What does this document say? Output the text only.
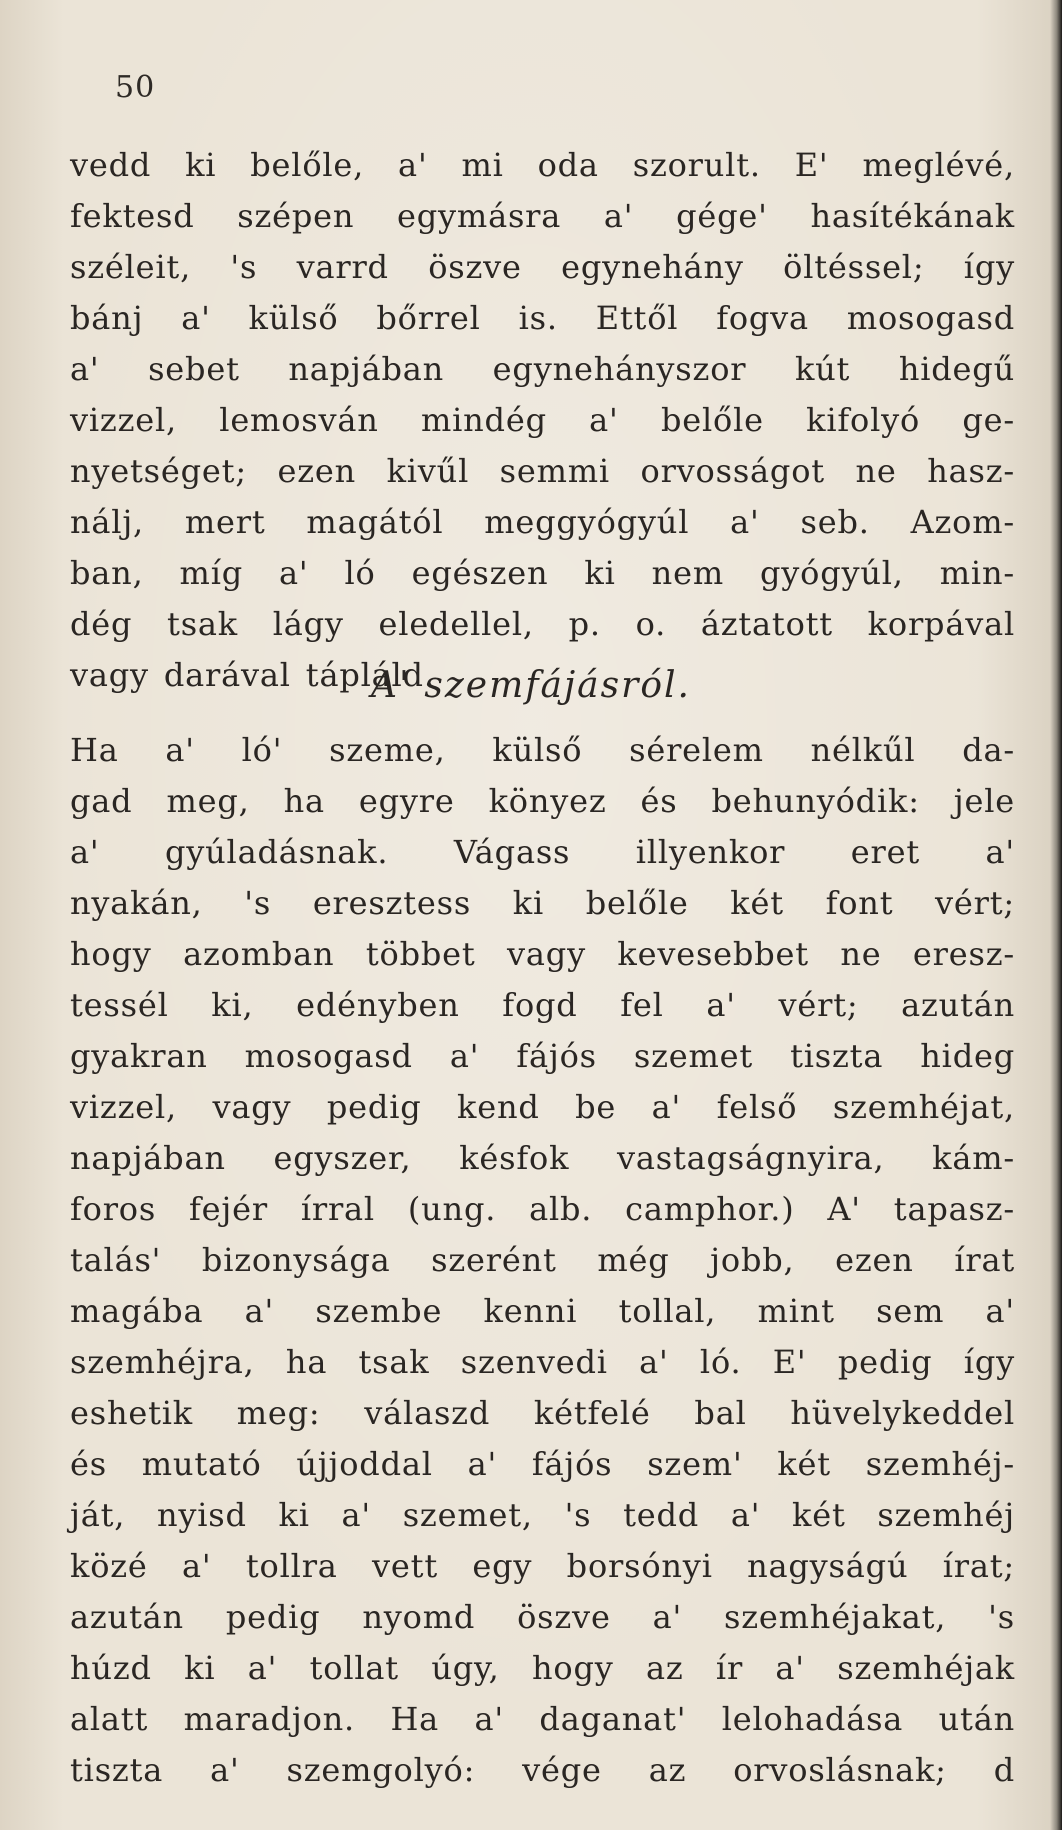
50
vedd ki belőle, a' mi oda szorult. E' meglévé,
fektesd szépen egymásra a' gége' hasítékának
széleit, 's varrd öszve egynehány öltéssel; így
bánj a' külső bőrrel is. Ettől fogva mosogasd
a' sebet napjában egynehányszor kút hidegű
vizzel, lemosván mindég a' belőle kifolyó ge-
nyetséget; ezen kivűl semmi orvosságot ne hasz-
nálj, mert magától meggyógyúl a' seb. Azom-
ban, míg a' ló egészen ki nem gyógyúl, min-
dég tsak lágy eledellel, p. o. áztatott korpával
vagy darával tápláld.
A' szemfájásról.
Ha a' ló' szeme, külső sérelem nélkűl da-
gad meg, ha egyre könyez és behunyódik: jele
a' gyúladásnak. Vágass illyenkor eret a'
nyakán, 's eresztess ki belőle két font vért;
hogy azomban többet vagy kevesebbet ne eresz-
tessél ki, edényben fogd fel a' vért; azután
gyakran mosogasd a' fájós szemet tiszta hideg
vizzel, vagy pedig kend be a' felső szemhéjat,
napjában egyszer, késfok vastagságnyira, kám-
foros fejér írral (ung. alb. camphor.) A' tapasz-
talás' bizonysága szerént még jobb, ezen írat
magába a' szembe kenni tollal, mint sem a'
szemhéjra, ha tsak szenvedi a' ló. E' pedig így
eshetik meg: válaszd kétfelé bal hüvelykeddel
és mutató újjoddal a' fájós szem' két szemhéj-
ját, nyisd ki a' szemet, 's tedd a' két szemhéj
közé a' tollra vett egy borsónyi nagyságú írat;
azután pedig nyomd öszve a' szemhéjakat, 's
húzd ki a' tollat úgy, hogy az ír a' szemhéjak
alatt maradjon. Ha a' daganat' lelohadása után
tiszta a' szemgolyó: vége az orvoslásnak; d
